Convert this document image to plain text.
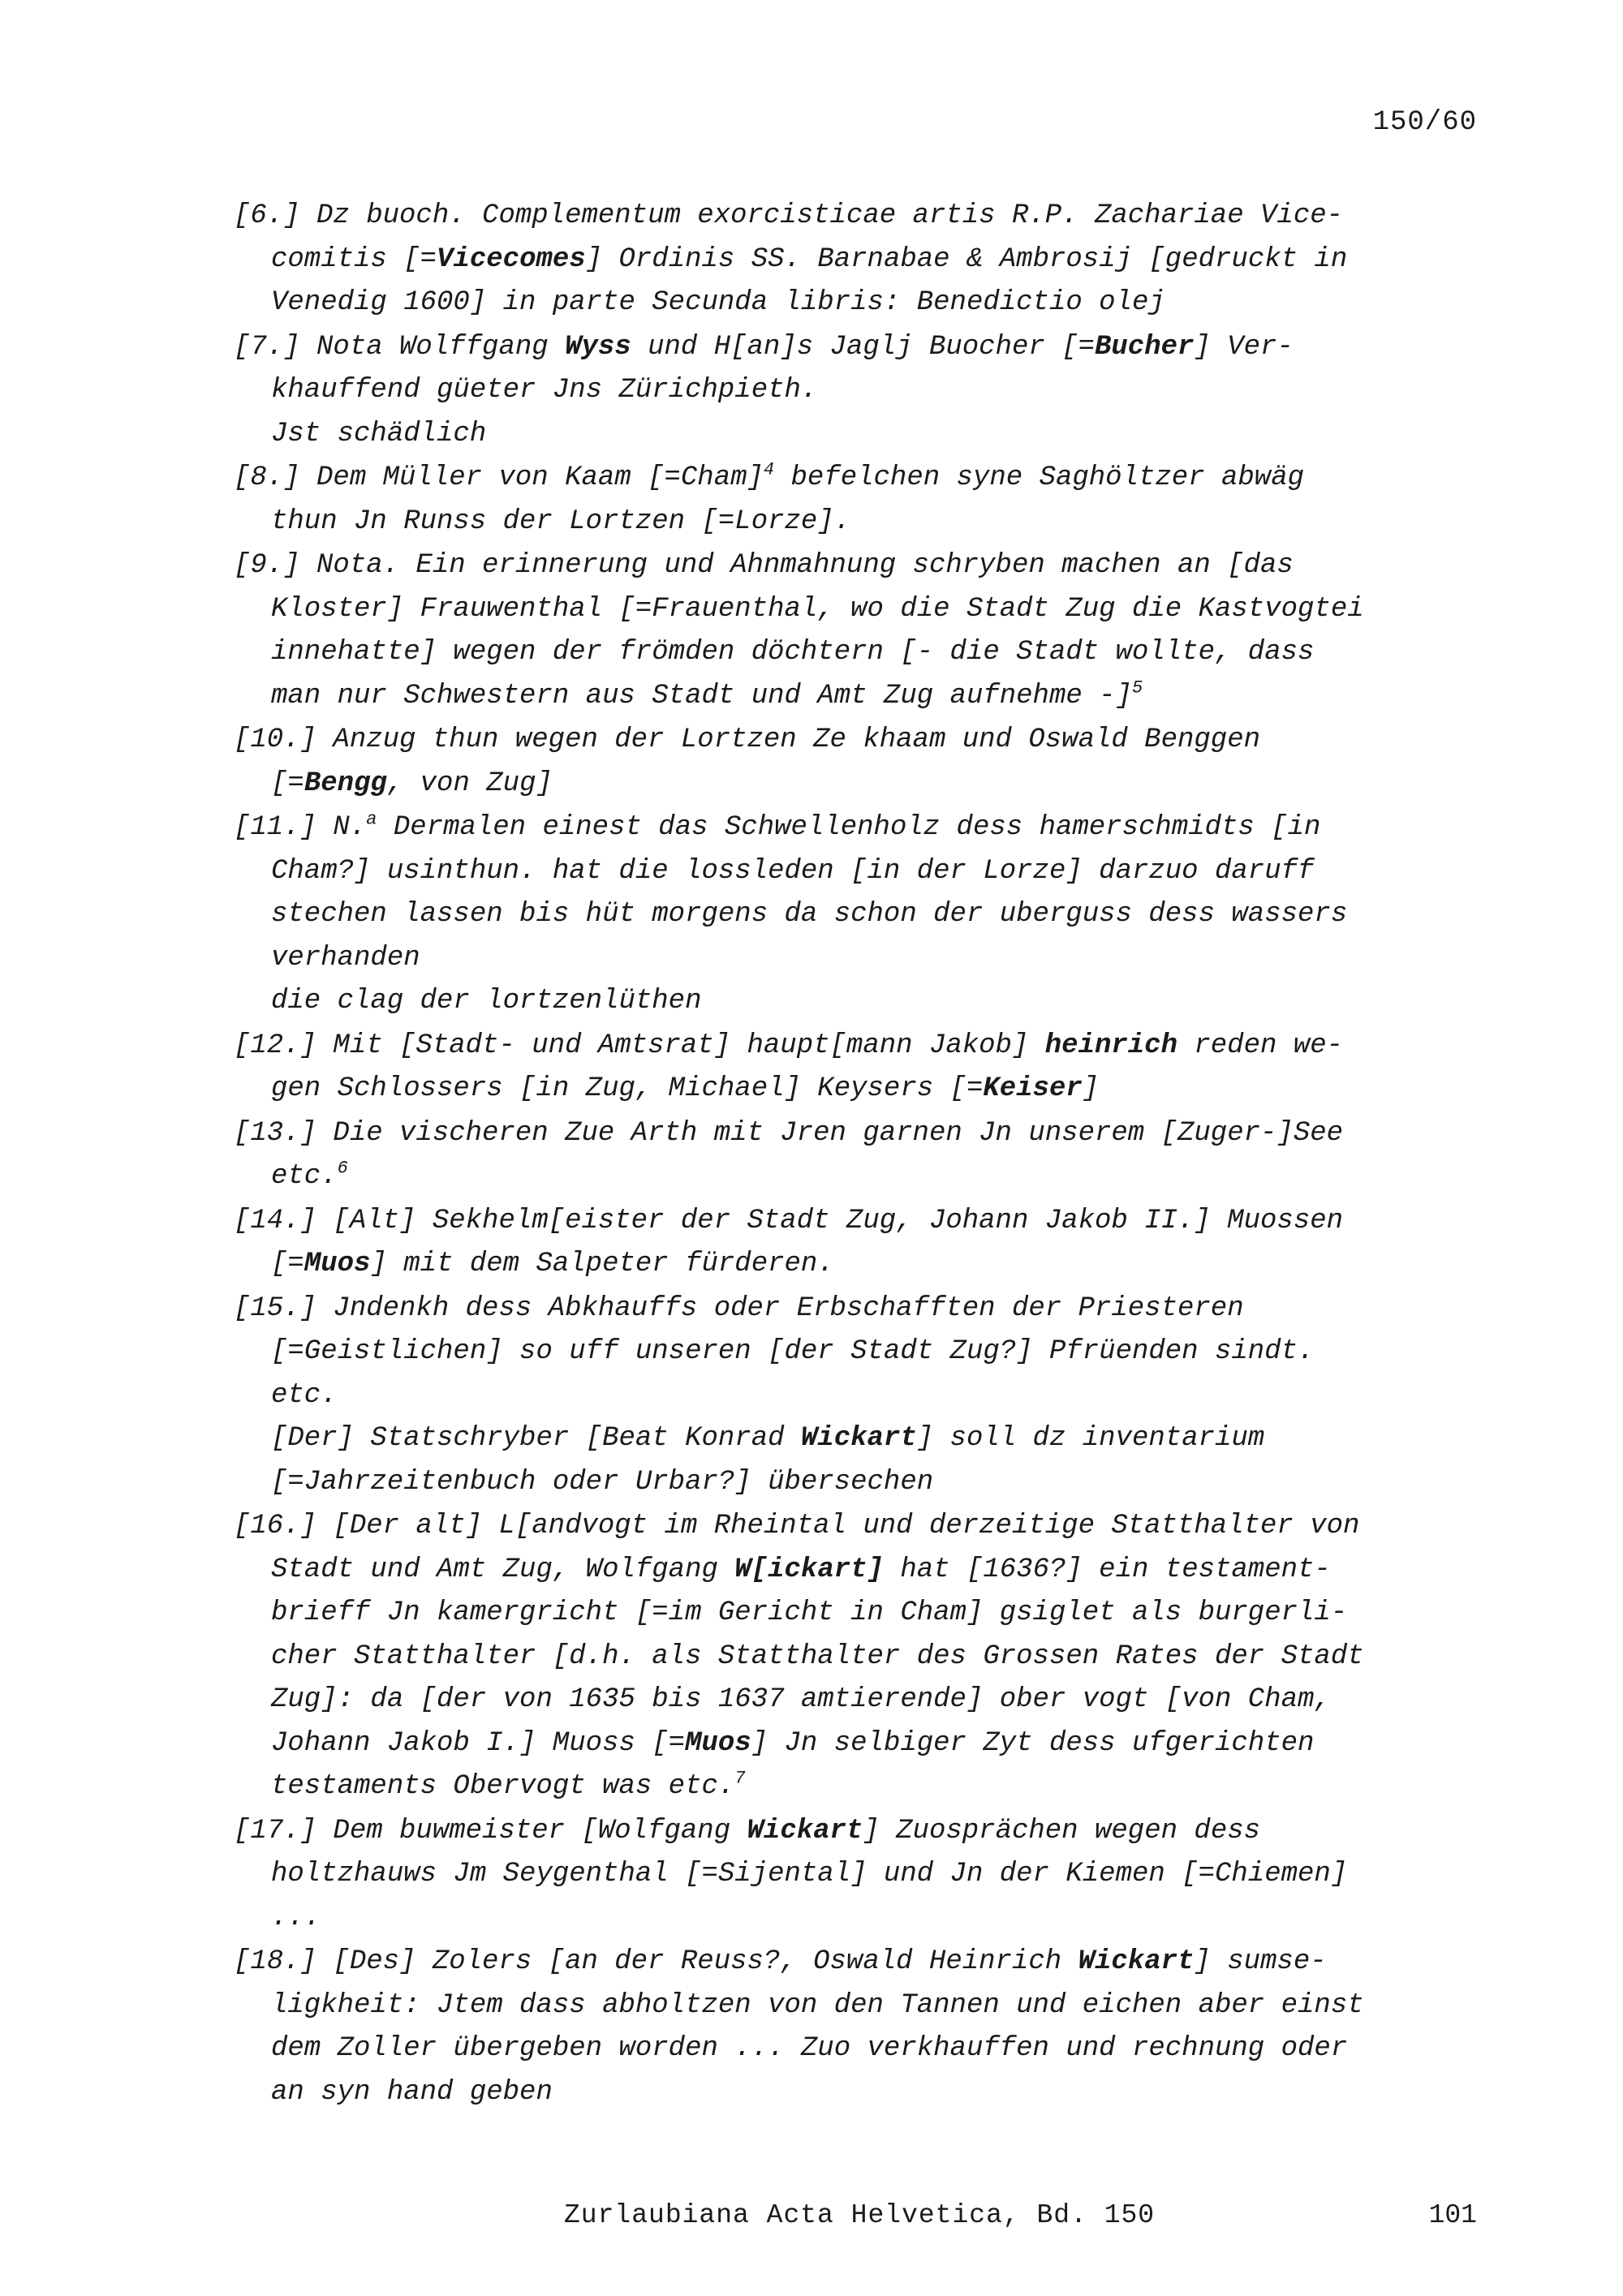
150/60
[6.] Dz buoch. Complementum exorcisticae artis R.P. Zachariae Vice-
comitis [=Vicecomes] Ordinis SS. Barnabae & Ambrosij [gedruckt in
Venedig 1600] in parte Secunda libris: Benedictio olej
[7.] Nota Wolffgang Wyss und H[an]s Jaglj Buocher [=Bucher] Ver-
khauffend güeter Jns Zürichpieth.
Jst schädlich
[8.] Dem Müller von Kaam [=Cham]$^4$ befelchen syne Saghöltzer abwäg
thun Jn Runss der Lortzen [=Lorze].
[9.] Nota. Ein erinnerung und Ahnmahnung schryben machen an [das
Kloster] Frauwenthal [=Frauenthal, wo die Stadt Zug die Kastvogtei
innehatte] wegen der frömden döchtern [- die Stadt wollte, dass
man nur Schwestern aus Stadt und Amt Zug aufnehme -]$^5$
[10.] Anzug thun wegen der Lortzen Ze khaam und Oswald Benggen
[=Bengg, von Zug]
[11.] N.$^a$ Dermalen einest das Schwellenholz dess hamerschmidts [in
Cham?] usinthun. hat die lossleden [in der Lorze] darzuo daruff
stechen lassen bis hüt morgens da schon der uberguss dess wassers
verhanden
die clag der lortzenlüthen
[12.] Mit [Stadt- und Amtsrat] haupt[mann Jakob] heinrich reden we-
gen Schlossers [in Zug, Michael] Keysers [=Keiser]
[13.] Die vischeren Zue Arth mit Jren garnen Jn unserem [Zuger-]See
etc.$^6$
[14.] [Alt] Sekhelm[eister der Stadt Zug, Johann Jakob II.] Muossen
[=Muos] mit dem Salpeter fürderen.
[15.] Jndenkh dess Abkhauffs oder Erbschafften der Priesteren
[=Geistlichen] so uff unseren [der Stadt Zug?] Pfrüenden sindt.
etc.
[Der] Statschryber [Beat Konrad Wickart] soll dz inventarium
[=Jahrzeitenbuch oder Urbar?] übersechen
[16.] [Der alt] L[andvogt im Rheintal und derzeitige Statthalter von
Stadt und Amt Zug, Wolfgang W[ickart] hat [1636?] ein testament-
brieff Jn kamergricht [=im Gericht in Cham] gsiglet als burgerli-
cher Statthalter [d.h. als Statthalter des Grossen Rates der Stadt
Zug]: da [der von 1635 bis 1637 amtierende] ober vogt [von Cham,
Johann Jakob I.] Muoss [=Muos] Jn selbiger Zyt dess ufgerichten
testaments Obervogt was etc.$^7$
[17.] Dem buwmeister [Wolfgang Wickart] Zuosprächen wegen dess
holtzhauws Jm Seygenthal [=Sijental] und Jn der Kiemen [=Chiemen]
...
[18.] [Des] Zolers [an der Reuss?, Oswald Heinrich Wickart] sumse-
ligkheit: Jtem dass abholtzen von den Tannen und eichen aber einst
dem Zoller übergeben worden ... Zuo verkhauffen und rechnung oder
an syn hand geben
Zurlaubiana Acta Helvetica, Bd. 150	101
